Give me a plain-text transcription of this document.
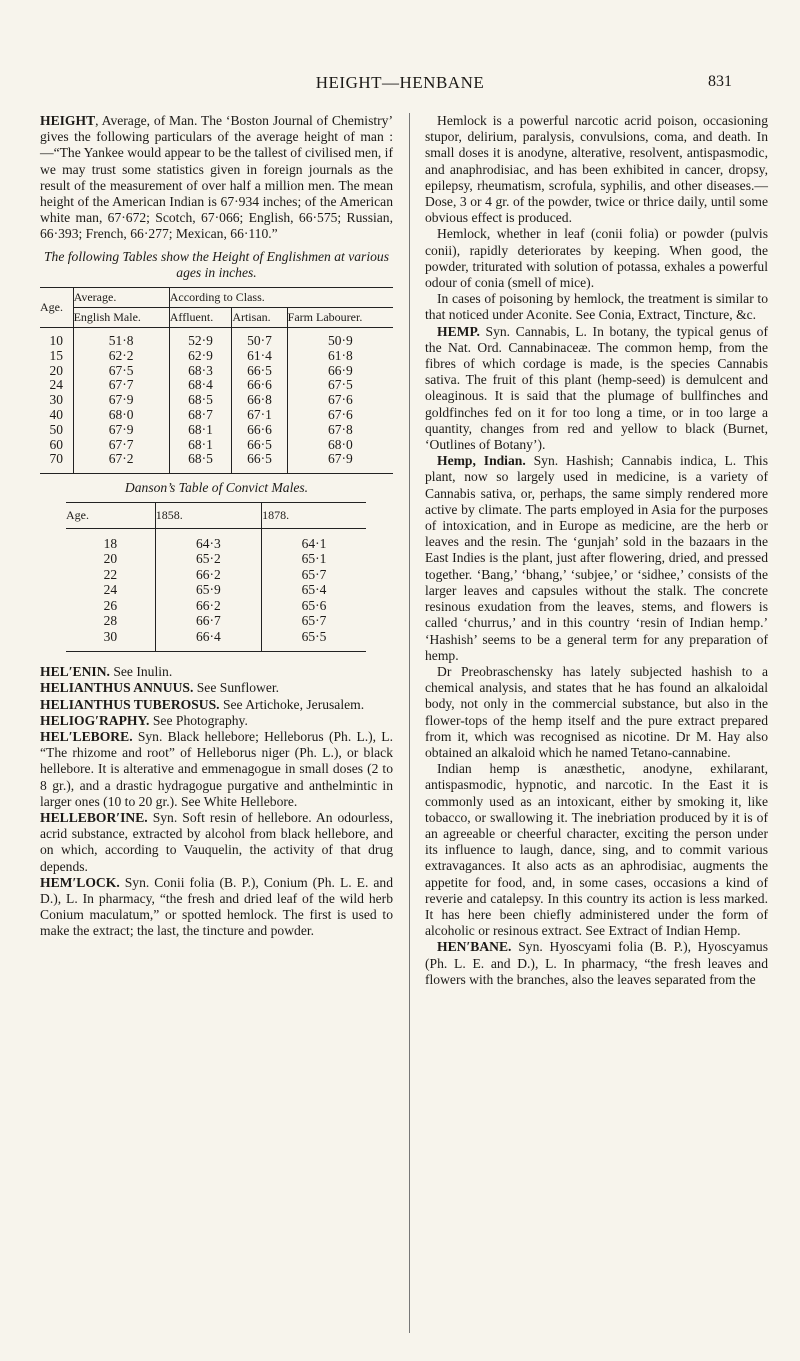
HEIGHT—HENBANE	831

HEIGHT, Average, of Man. The ‘Boston Journal of Chemistry’ gives the following particulars of the average height of man :—“The Yankee would appear to be the tallest of civilised men, if we may trust some statistics given in foreign journals as the result of the measurement of over half a million men. The mean height of the American Indian is 67·934 inches; of the American white man, 67·672; Scotch, 67·066; English, 66·575; Russian, 66·393; French, 66·277; Mexican, 66·110.”

The following Tables show the Height of Englishmen at various ages in inches.

Age.	Average.	According to Class.		
	English Male.	Affluent.	Artisan.	Farm Labourer.
10	51·8	52·9	50·7	50·9
15	62·2	62·9	61·4	61·8
20	67·5	68·3	66·5	66·9
24	67·7	68·4	66·6	67·5
30	67·9	68·5	66·8	67·6
40	68·0	68·7	67·1	67·6
50	67·9	68·1	66·6	67·8
60	67·7	68·1	66·5	68·0
70	67·2	68·5	66·5	67·9

Danson’s Table of Convict Males.

Age.	1858.	1878.
18	64·3	64·1
20	65·2	65·1
22	66·2	65·7
24	65·9	65·4
26	66·2	65·6
28	66·7	65·7
30	66·4	65·5

HEL′ENIN. See Inulin.

HELIANTHUS ANNUUS. See Sunflower.

HELIANTHUS TUBEROSUS. See Artichoke, Jerusalem.

HELIOG′RAPHY. See Photography.

HEL′LEBORE. Syn. Black hellebore; Helleborus (Ph. L.), L. “The rhizome and root” of Helleborus niger (Ph. L.), or black hellebore. It is alterative and emmenagogue in small doses (2 to 8 gr.), and a drastic hydragogue purgative and anthelmintic in larger ones (10 to 20 gr.). See White Hellebore.

HELLEBOR′INE. Syn. Soft resin of hellebore. An odourless, acrid substance, extracted by alcohol from black hellebore, and on which, according to Vauquelin, the activity of that drug depends.

HEM′LOCK. Syn. Conii folia (B. P.), Conium (Ph. L. E. and D.), L. In pharmacy, “the fresh and dried leaf of the wild herb Conium maculatum,” or spotted hemlock. The first is used to make the extract; the last, the tincture and powder.

Hemlock is a powerful narcotic acrid poison, occasioning stupor, delirium, paralysis, convulsions, coma, and death. In small doses it is anodyne, alterative, resolvent, antispasmodic, and anaphrodisiac, and has been exhibited in cancer, dropsy, epilepsy, rheumatism, scrofula, syphilis, and other diseases.—Dose, 3 or 4 gr. of the powder, twice or thrice daily, until some obvious effect is produced.

Hemlock, whether in leaf (conii folia) or powder (pulvis conii), rapidly deteriorates by keeping. When good, the powder, triturated with solution of potassa, exhales a powerful odour of conia (smell of mice).

In cases of poisoning by hemlock, the treatment is similar to that noticed under Aconite. See Conia, Extract, Tincture, &c.

HEMP. Syn. Cannabis, L. In botany, the typical genus of the Nat. Ord. Cannabinaceæ. The common hemp, from the fibres of which cordage is made, is the species Cannabis sativa. The fruit of this plant (hemp-seed) is demulcent and oleaginous. It is said that the plumage of bullfinches and goldfinches fed on it for too long a time, or in too large a quantity, changes from red and yellow to black (Burnet, ‘Outlines of Botany’).

Hemp, Indian. Syn. Hashish; Cannabis indica, L. This plant, now so largely used in medicine, is a variety of Cannabis sativa, or, perhaps, the same simply rendered more active by climate. The parts employed in Asia for the purposes of intoxication, and in Europe as medicine, are the herb or leaves and the resin. The ‘gunjah’ sold in the bazaars in the East Indies is the plant, just after flowering, dried, and pressed together. ‘Bang,’ ‘bhang,’ ‘subjee,’ or ‘sidhee,’ consists of the larger leaves and capsules without the stalk. The concrete resinous exudation from the leaves, stems, and flowers is called ‘churrus,’ and in this country ‘resin of Indian hemp.’ ‘Hashish’ seems to be a general term for any preparation of hemp.

Dr Preobraschensky has lately subjected hashish to a chemical analysis, and states that he has found an alkaloidal body, not only in the commercial substance, but also in the flower-tops of the hemp itself and the pure extract prepared from it, which was recognised as nicotine. Dr M. Hay also obtained an alkaloid which he named Tetano-cannabine.

Indian hemp is anæsthetic, anodyne, exhilarant, antispasmodic, hypnotic, and narcotic. In the East it is commonly used as an intoxicant, either by smoking it, like tobacco, or swallowing it. The inebriation produced by it is of an agreeable or cheerful character, exciting the person under its influence to laugh, dance, sing, and to commit various extravagances. It also acts as an aphrodisiac, augments the appetite for food, and, in some cases, occasions a kind of reverie and catalepsy. In this country its action is less marked. It has here been chiefly administered under the form of alcoholic or resinous extract. See Extract of Indian Hemp.

HEN′BANE. Syn. Hyoscyami folia (B. P.), Hyoscyamus (Ph. L. E. and D.), L. In pharmacy, “the fresh leaves and flowers with the branches, also the leaves separated from the
